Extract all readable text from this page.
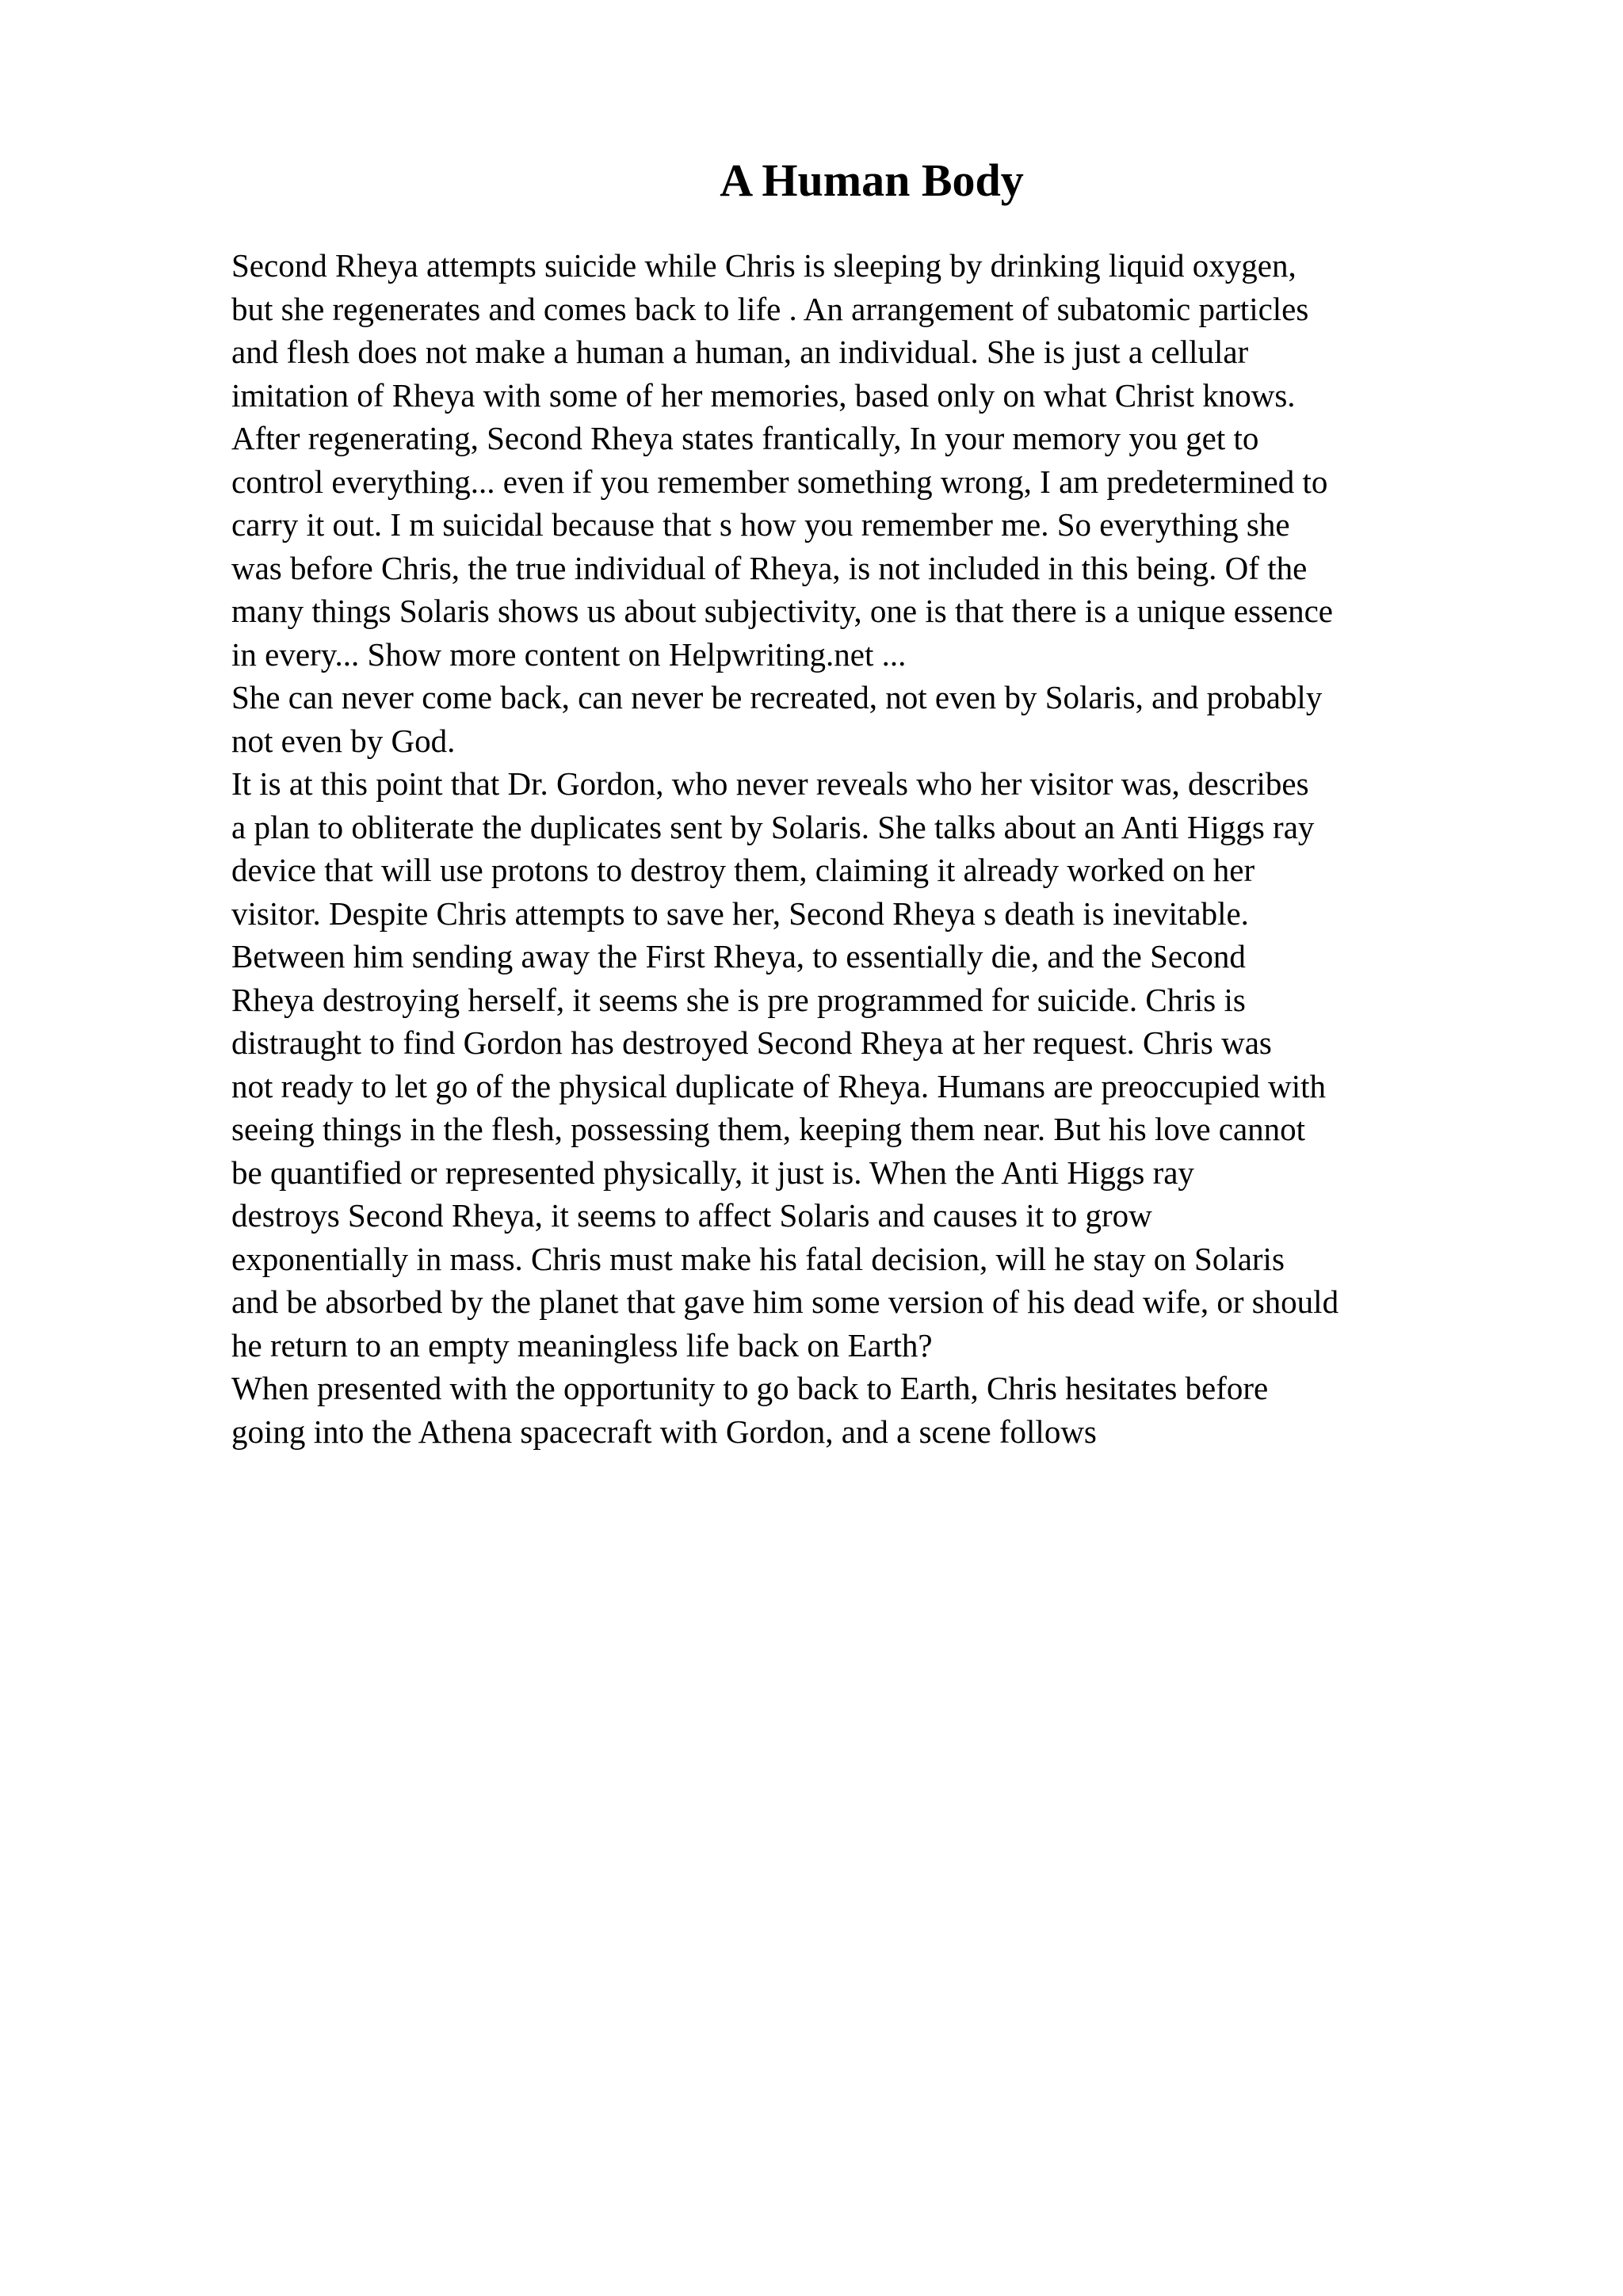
A Human Body
Second Rheya attempts suicide while Chris is sleeping by drinking liquid oxygen,
but she regenerates and comes back to life . An arrangement of subatomic particles
and flesh does not make a human a human, an individual. She is just a cellular
imitation of Rheya with some of her memories, based only on what Christ knows.
After regenerating, Second Rheya states frantically, In your memory you get to
control everything... even if you remember something wrong, I am predetermined to
carry it out. I m suicidal because that s how you remember me. So everything she
was before Chris, the true individual of Rheya, is not included in this being. Of the
many things Solaris shows us about subjectivity, one is that there is a unique essence
in every... Show more content on Helpwriting.net ...
She can never come back, can never be recreated, not even by Solaris, and probably
not even by God.
It is at this point that Dr. Gordon, who never reveals who her visitor was, describes
a plan to obliterate the duplicates sent by Solaris. She talks about an Anti Higgs ray
device that will use protons to destroy them, claiming it already worked on her
visitor. Despite Chris attempts to save her, Second Rheya s death is inevitable.
Between him sending away the First Rheya, to essentially die, and the Second
Rheya destroying herself, it seems she is pre programmed for suicide. Chris is
distraught to find Gordon has destroyed Second Rheya at her request. Chris was
not ready to let go of the physical duplicate of Rheya. Humans are preoccupied with
seeing things in the flesh, possessing them, keeping them near. But his love cannot
be quantified or represented physically, it just is. When the Anti Higgs ray
destroys Second Rheya, it seems to affect Solaris and causes it to grow
exponentially in mass. Chris must make his fatal decision, will he stay on Solaris
and be absorbed by the planet that gave him some version of his dead wife, or should
he return to an empty meaningless life back on Earth?
When presented with the opportunity to go back to Earth, Chris hesitates before
going into the Athena spacecraft with Gordon, and a scene follows
